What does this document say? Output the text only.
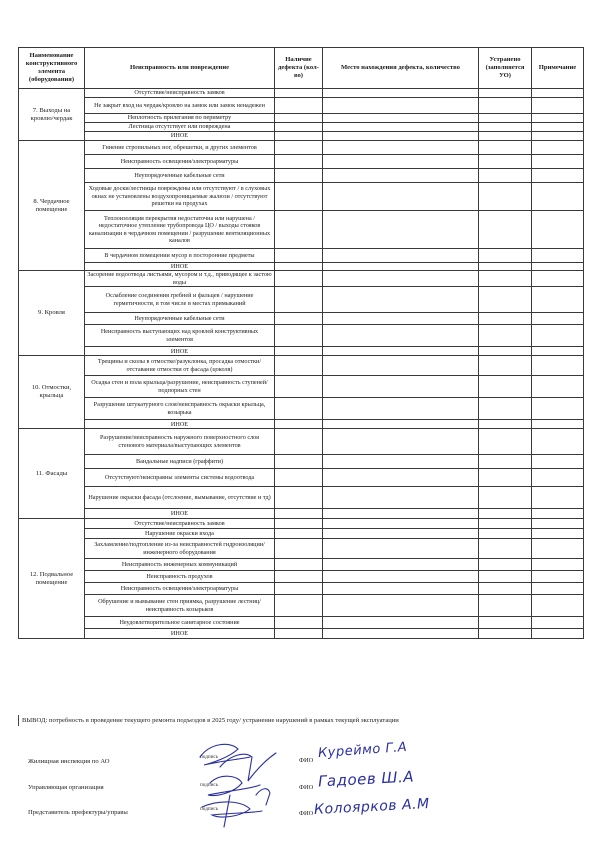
Наименование конструктивного элемента (оборудования)	Неисправность или повреждение	Наличие дефекта (кол-во)	Место нахождения дефекта, количество	Устранено (заполняется УО)	Примечание
7. Выходы на кровлю/чердак	Отсутствие/неисправность замков				
	Не закрыт вход на чердак/кровлю на замок или замок ненадежен				
	Неплотность прилегания по периметру				
	Лестница отсутствует или повреждена				
	ИНОЕ				
8. Чердачное помещение	Гниение стропильных ног, обрешетки, и других элементов				
	Неисправность освещения/электроарматуры				
	Неупорядоченные кабельные сети				
	Ходовые доски/лестницы повреждены или отсутствуют / в слуховых окнах не установлены воздухопроницаемые жалюзи / отсутствуют решетки на продухах				
	Теплоизоляция перекрытия недостаточна или нарушена / недостаточное утепление трубопровода ЦО / выходы стояков канализации в чердачном помещении / разрушение вентиляционных каналов				
	В чердачном помещении мусор в посторонние предметы				
	ИНОЕ				
9. Кровля	Засорение водоотвода листьями, мусором и т.д., приводящее к застою воды				
	Ослабление соединения гребней и фальцев / нарушение герметичности, в том числе в местах примыканий				
	Неупорядоченные кабельные сети				
	Неисправность выступающих над кровлей конструктивных элементов				
	ИНОЕ				
10. Отмостки, крыльца	Трещины и сколы в отмостке/разуклонка, просадка отмостки/отставание отмостки от фасада (цоколя)				
	Осадка стен и пола крыльца/разрушение, неисправность ступеней/подпорных стен				
	Разрушение штукатурного слоя/неисправность окраски крыльца, козырька				
	ИНОЕ				
11. Фасады	Разрушение/неисправность наружного поверхностного слоя стенового материала/выступающих элементов				
	Вандальные надписи (граффити)				
	Отсутствуют/неисправны элементы системы водоотвода				
	Нарушение окраски фасада (отслоение, вымывание, отсутствие и тд)				
	ИНОЕ				
12. Подвальное помещение	Отсутствие/неисправность замков				
	Нарушение окраски входа				
	Захламление/подтопление из-за неисправностей гидроизоляции/инженерного оборудования				
	Неисправность инженерных коммуникаций				
	Неисправность продухов				
	Неисправность освещения/электроарматуры				
	Обрушение и вымывание стен приямка, разрушение лестниц/неисправность козырьков				
	Неудовлетворительное санитарное состояние				
	ИНОЕ				
ВЫВОД: потребность в проведение текущего ремонта подъездов в 2025 году/ устранение нарушений в рамках текущей эксплуатации
Жилищная инспекция по АО
подпись	ФИО
Управляющая организация	подпись	ФИО
Представитель префектуры/управы	подпись
ФИО
Куреймо Г.А
Гадоев Ш.А
Колоярков А.М
